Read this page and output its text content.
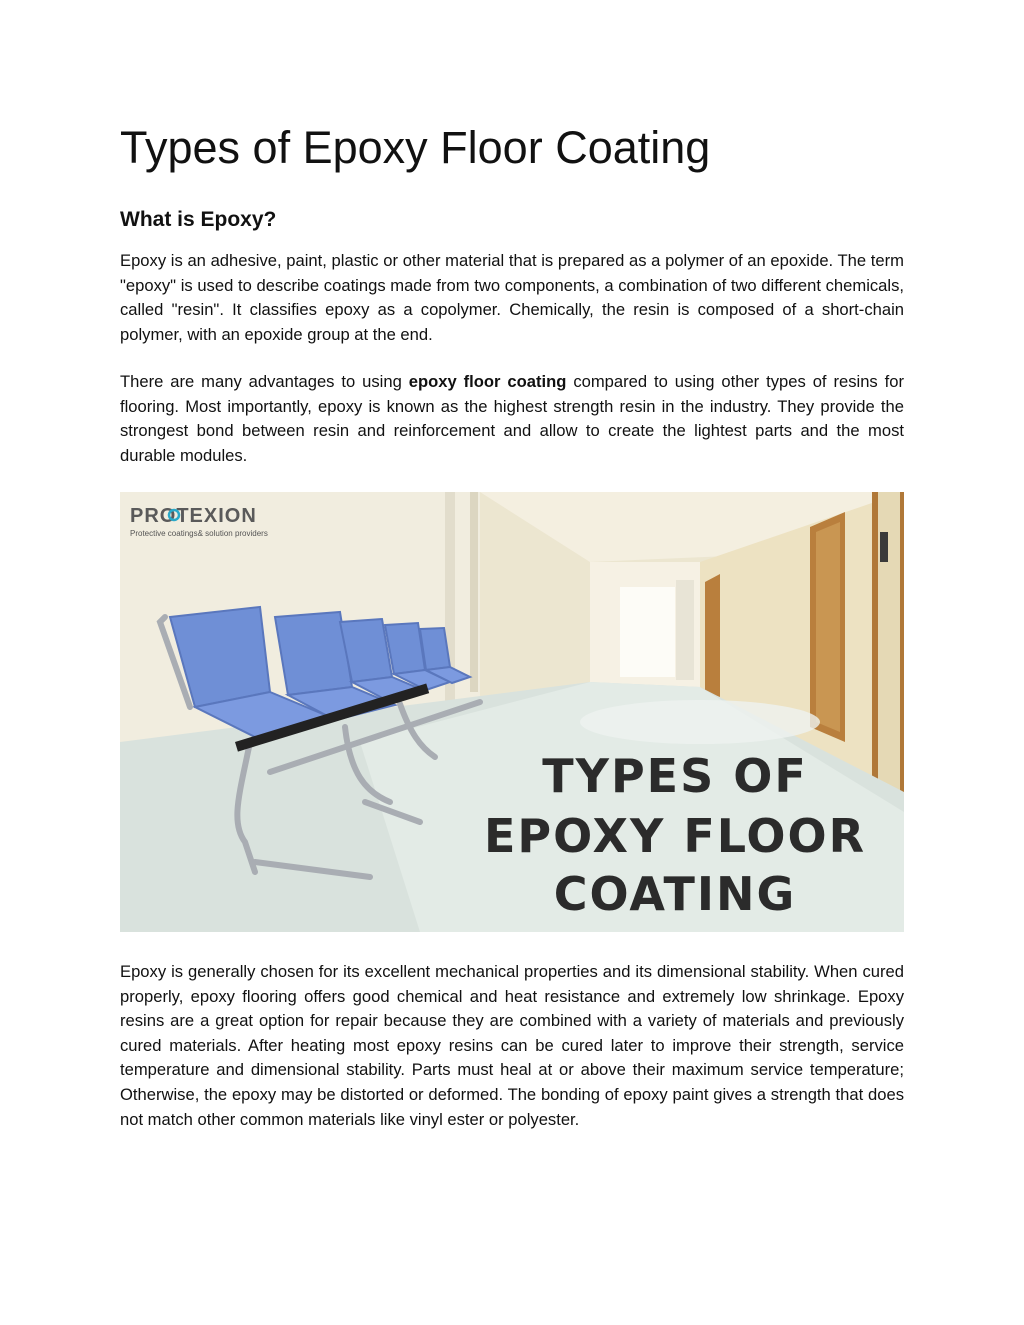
Types of Epoxy Floor Coating
What is Epoxy?

Epoxy is an adhesive, paint, plastic or other material that is prepared as a polymer of an epoxide. The term "epoxy" is used to describe coatings made from two components, a combination of two different chemicals, called "resin". It classifies epoxy as a copolymer. Chemically, the resin is composed of a short-chain polymer, with an epoxide group at the end.

There are many advantages to using epoxy floor coating compared to using other types of resins for flooring. Most importantly, epoxy is known as the highest strength resin in the industry. They provide the strongest bond between resin and reinforcement and allow to create the lightest parts and the most durable modules.

PROTEXION
Protective coatings& solution providers
TYPES OF
EPOXY FLOOR
COATING

Epoxy is generally chosen for its excellent mechanical properties and its dimensional stability. When cured properly, epoxy flooring offers good chemical and heat resistance and extremely low shrinkage. Epoxy resins are a great option for repair because they are combined with a variety of materials and previously cured materials. After heating most epoxy resins can be cured later to improve their strength, service temperature and dimensional stability. Parts must heal at or above their maximum service temperature; Otherwise, the epoxy may be distorted or deformed. The bonding of epoxy paint gives a strength that does not match other common materials like vinyl ester or polyester.
